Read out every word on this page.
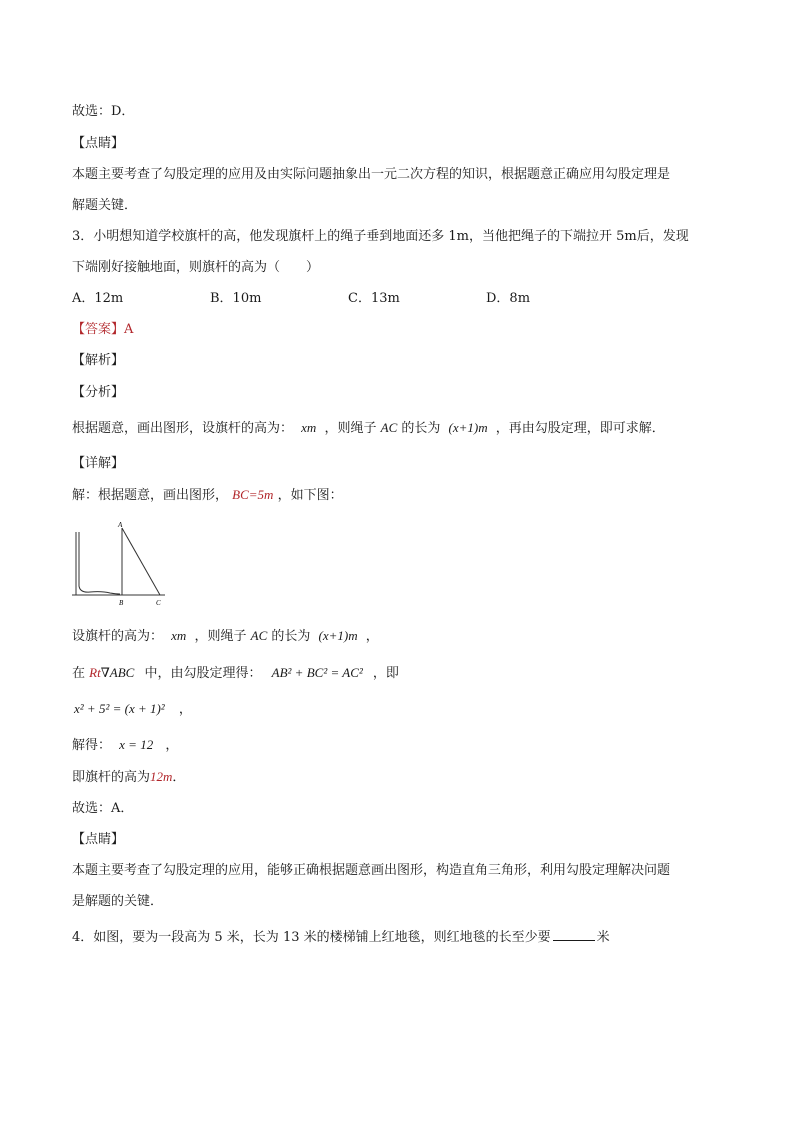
故选：D．
【点睛】
本题主要考查了勾股定理的应用及由实际问题抽象出一元二次方程的知识，根据题意正确应用勾股定理是
解题关键．
3．小明想知道学校旗杆的高，他发现旗杆上的绳子垂到地面还多 1m，当他把绳子的下端拉开 5m后，发现
下端刚好接触地面，则旗杆的高为（　　）
A．12m	B．10m	C．13m	D．8m
【答案】A
【解析】
【分析】
根据题意，画出图形，设旗杆的高为： xm ，则绳子 AC 的长为 (x+1)m ，再由勾股定理，即可求解．
【详解】
解：根据题意，画出图形， BC=5m ，如下图：
A
B	C
设旗杆的高为： xm ，则绳子 AC 的长为 (x+1)m ，
在 Rt∇ABC 中，由勾股定理得： AB² + BC² = AC² ，即
x² + 5² = (x + 1)² ，
解得： x = 12 ，
即旗杆的高为12m．
故选：A．
【点睛】
本题主要考查了勾股定理的应用，能够正确根据题意画出图形，构造直角三角形，利用勾股定理解决问题
是解题的关键．
4．如图，要为一段高为 5 米，长为 13 米的楼梯铺上红地毯，则红地毯的长至少要	米
